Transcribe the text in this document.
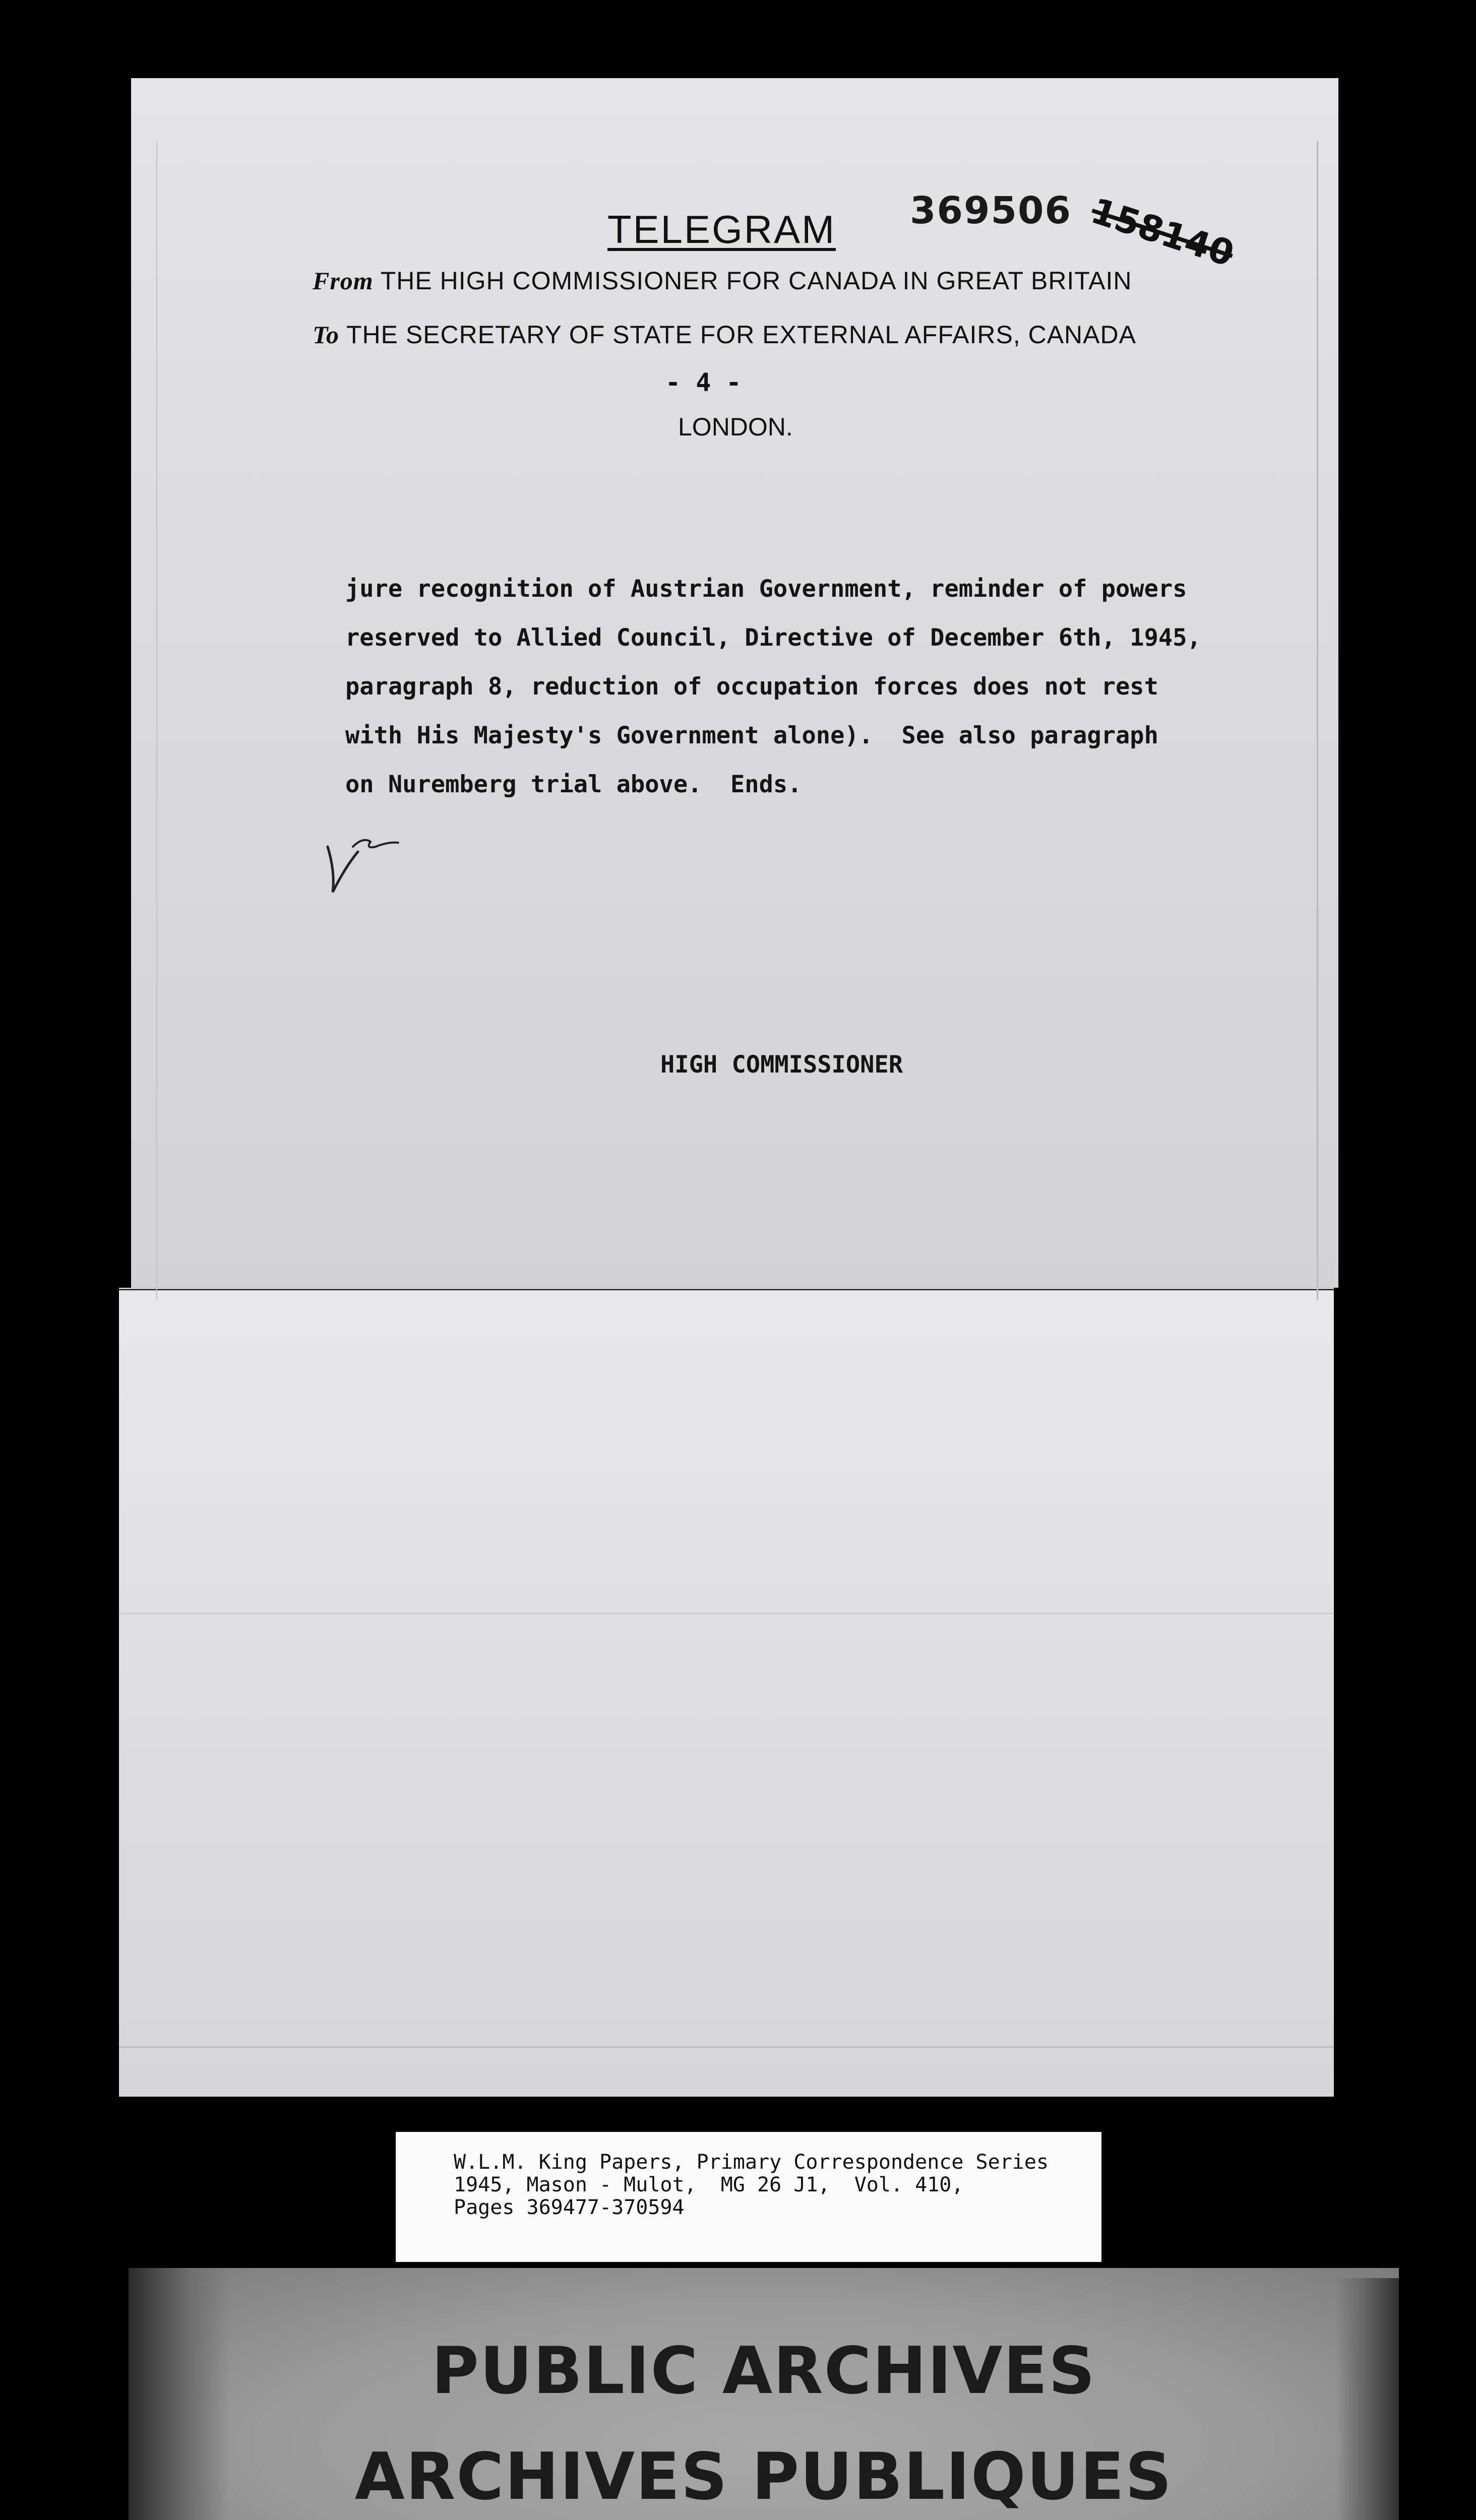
TELEGRAM 369506 158140
From THE HIGH COMMISSIONER FOR CANADA IN GREAT BRITAIN
To THE SECRETARY OF STATE FOR EXTERNAL AFFAIRS, CANADA
- 4 -
LONDON.
jure recognition of Austrian Government, reminder of powers
reserved to Allied Council, Directive of December 6th, 1945,
paragraph 8, reduction of occupation forces does not rest
with His Majesty's Government alone).  See also paragraph
on Nuremberg trial above.  Ends.
HIGH COMMISSIONER
W.L.M. King Papers, Primary Correspondence Series
1945, Mason - Mulot,  MG 26 J1,  Vol. 410,
Pages 369477-370594
PUBLIC ARCHIVES
ARCHIVES PUBLIQUES
